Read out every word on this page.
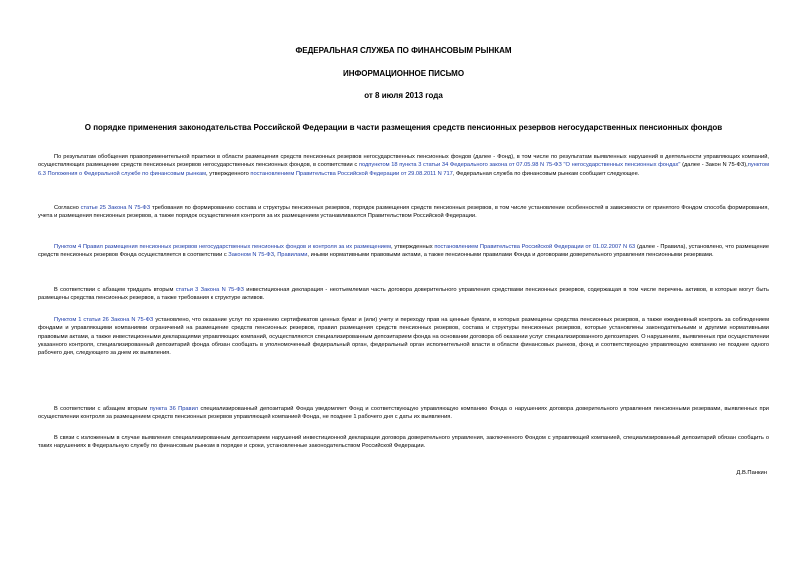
ФЕДЕРАЛЬНАЯ СЛУЖБА ПО ФИНАНСОВЫМ РЫНКАМ
ИНФОРМАЦИОННОЕ ПИСЬМО
от 8 июля 2013 года
О порядке применения законодательства Российской Федерации в части размещения средств пенсионных резервов негосударственных пенсионных фондов
По результатам обобщения правоприменительной практики в области размещения средств пенсионных резервов негосударственных пенсионных фондов (далее - Фонд), в том числе по результатам выявленных нарушений в деятельности управляющих компаний, осуществляющих размещение средств пенсионных резервов негосударственных пенсионных фондов, в соответствии с подпунктом 18 пункта 3 статьи 34 Федерального закона от 07.05.98 N 75-ФЗ "О негосударственных пенсионных фондах" (далее - Закон N 75-ФЗ),пунктом 6.3 Положения о Федеральной службе по финансовым рынкам, утвержденного постановлением Правительства Российской Федерации от 29.08.2011 N 717, Федеральная служба по финансовым рынкам сообщает следующее.
Согласно статье 25 Закона N 75-ФЗ требования по формированию состава и структуры пенсионных резервов, порядок размещения средств пенсионных резервов, в том числе установление особенностей в зависимости от принятого Фондом способа формирования, учета и размещения пенсионных резервов, а также порядок осуществления контроля за их размещением устанавливаются Правительством Российской Федерации.
Пунктом 4 Правил размещения пенсионных резервов негосударственных пенсионных фондов и контроля за их размещением, утвержденных постановлением Правительства Российской Федерации от 01.02.2007 N 63 (далее - Правила), установлено, что размещение средств пенсионных резервов Фонда осуществляется в соответствии с Законом N 75-ФЗ, Правилами, иными нормативными правовыми актами, а также пенсионными правилами Фонда и договорами доверительного управления пенсионными резервами.
В соответствии с абзацем тридцать вторым статьи 3 Закона N 75-ФЗ инвестиционная декларация - неотъемлемая часть договора доверительного управления средствами пенсионных резервов, содержащая в том числе перечень активов, в которые могут быть размещены средства пенсионных резервов, а также требования к структуре активов.
Пунктом 1 статьи 26 Закона N 75-ФЗ установлено, что оказание услуг по хранению сертификатов ценных бумаг и (или) учету и переходу прав на ценные бумаги, в которых размещены средства пенсионных резервов, а также ежедневный контроль за соблюдением фондами и управляющими компаниями ограничений на размещение средств пенсионных резервов, правил размещения средств пенсионных резервов, состава и структуры пенсионных резервов, которые установлены законодательными и другими нормативными правовыми актами, а также инвестиционными декларациями управляющих компаний, осуществляются специализированным депозитарием фонда на основании договора об оказании услуг специализированного депозитария. О нарушениях, выявленных при осуществлении указанного контроля, специализированный депозитарий фонда обязан сообщать в уполномоченный федеральный орган, федеральный орган исполнительной власти в области финансовых рынков, фонд и соответствующую управляющую компанию не позднее одного рабочего дня, следующего за днем их выявления.
В соответствии с абзацем вторым пункта 36 Правил специализированный депозитарий Фонда уведомляет Фонд и соответствующую управляющую компанию Фонда о нарушениях договора доверительного управления пенсионными резервами, выявленных при осуществлении контроля за размещением средств пенсионных резервов управляющей компанией Фонда, не позднее 1 рабочего дня с даты их выявления.
В связи с изложенным в случае выявления специализированным депозитарием нарушений инвестиционной декларации договора доверительного управления, заключенного Фондом с управляющей компанией, специализированный депозитарий обязан сообщить о таких нарушениях в Федеральную службу по финансовым рынкам в порядке и сроки, установленные законодательством Российской Федерации.
Д.В.Панкин
